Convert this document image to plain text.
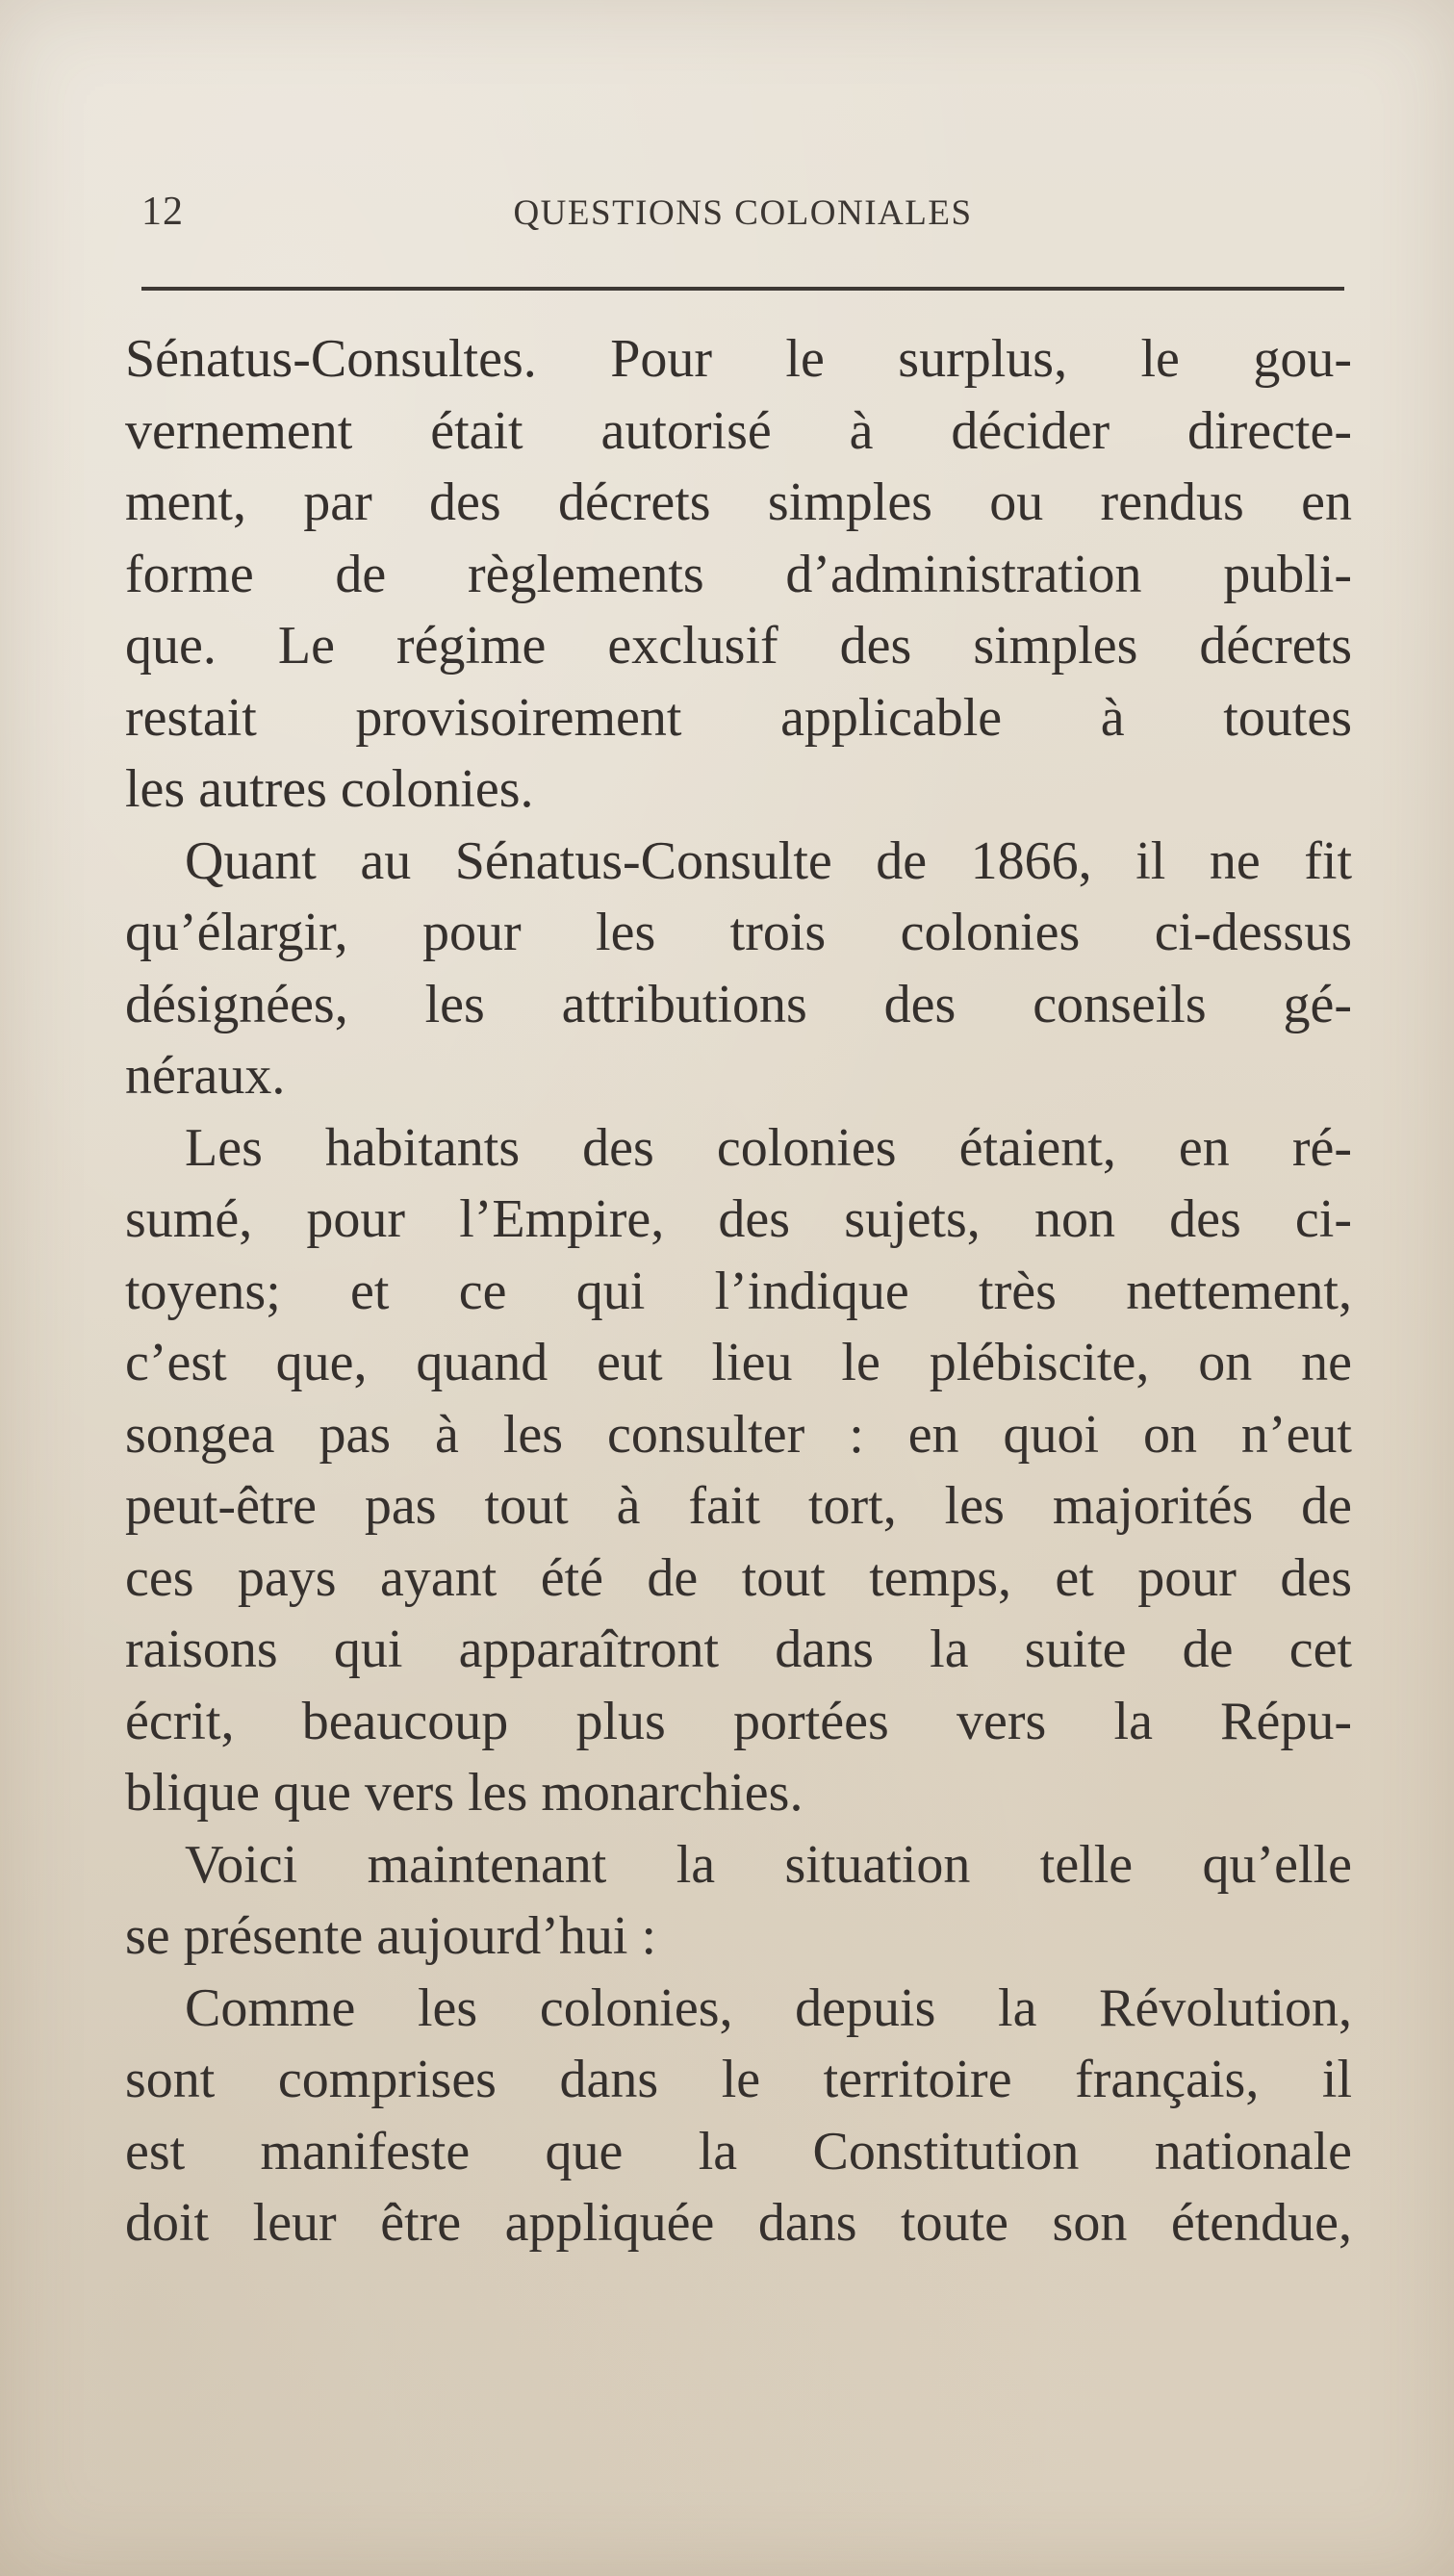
12	QUESTIONS COLONIALES
Sénatus-Consultes. Pour le surplus, le gou-
vernement était autorisé à décider directe-
ment, par des décrets simples ou rendus en
forme de règlements d’administration publi-
que. Le régime exclusif des simples décrets
restait provisoirement applicable à toutes
les autres colonies.
Quant au Sénatus-Consulte de 1866, il ne fit
qu’élargir, pour les trois colonies ci-dessus
désignées, les attributions des conseils gé-
néraux.
Les habitants des colonies étaient, en ré-
sumé, pour l’Empire, des sujets, non des ci-
toyens; et ce qui l’indique très nettement,
c’est que, quand eut lieu le plébiscite, on ne
songea pas à les consulter : en quoi on n’eut
peut-être pas tout à fait tort, les majorités de
ces pays ayant été de tout temps, et pour des
raisons qui apparaîtront dans la suite de cet
écrit, beaucoup plus portées vers la Répu-
blique que vers les monarchies.
Voici maintenant la situation telle qu’elle
se présente aujourd’hui :
Comme les colonies, depuis la Révolution,
sont comprises dans le territoire français, il
est manifeste que la Constitution nationale
doit leur être appliquée dans toute son étendue,
